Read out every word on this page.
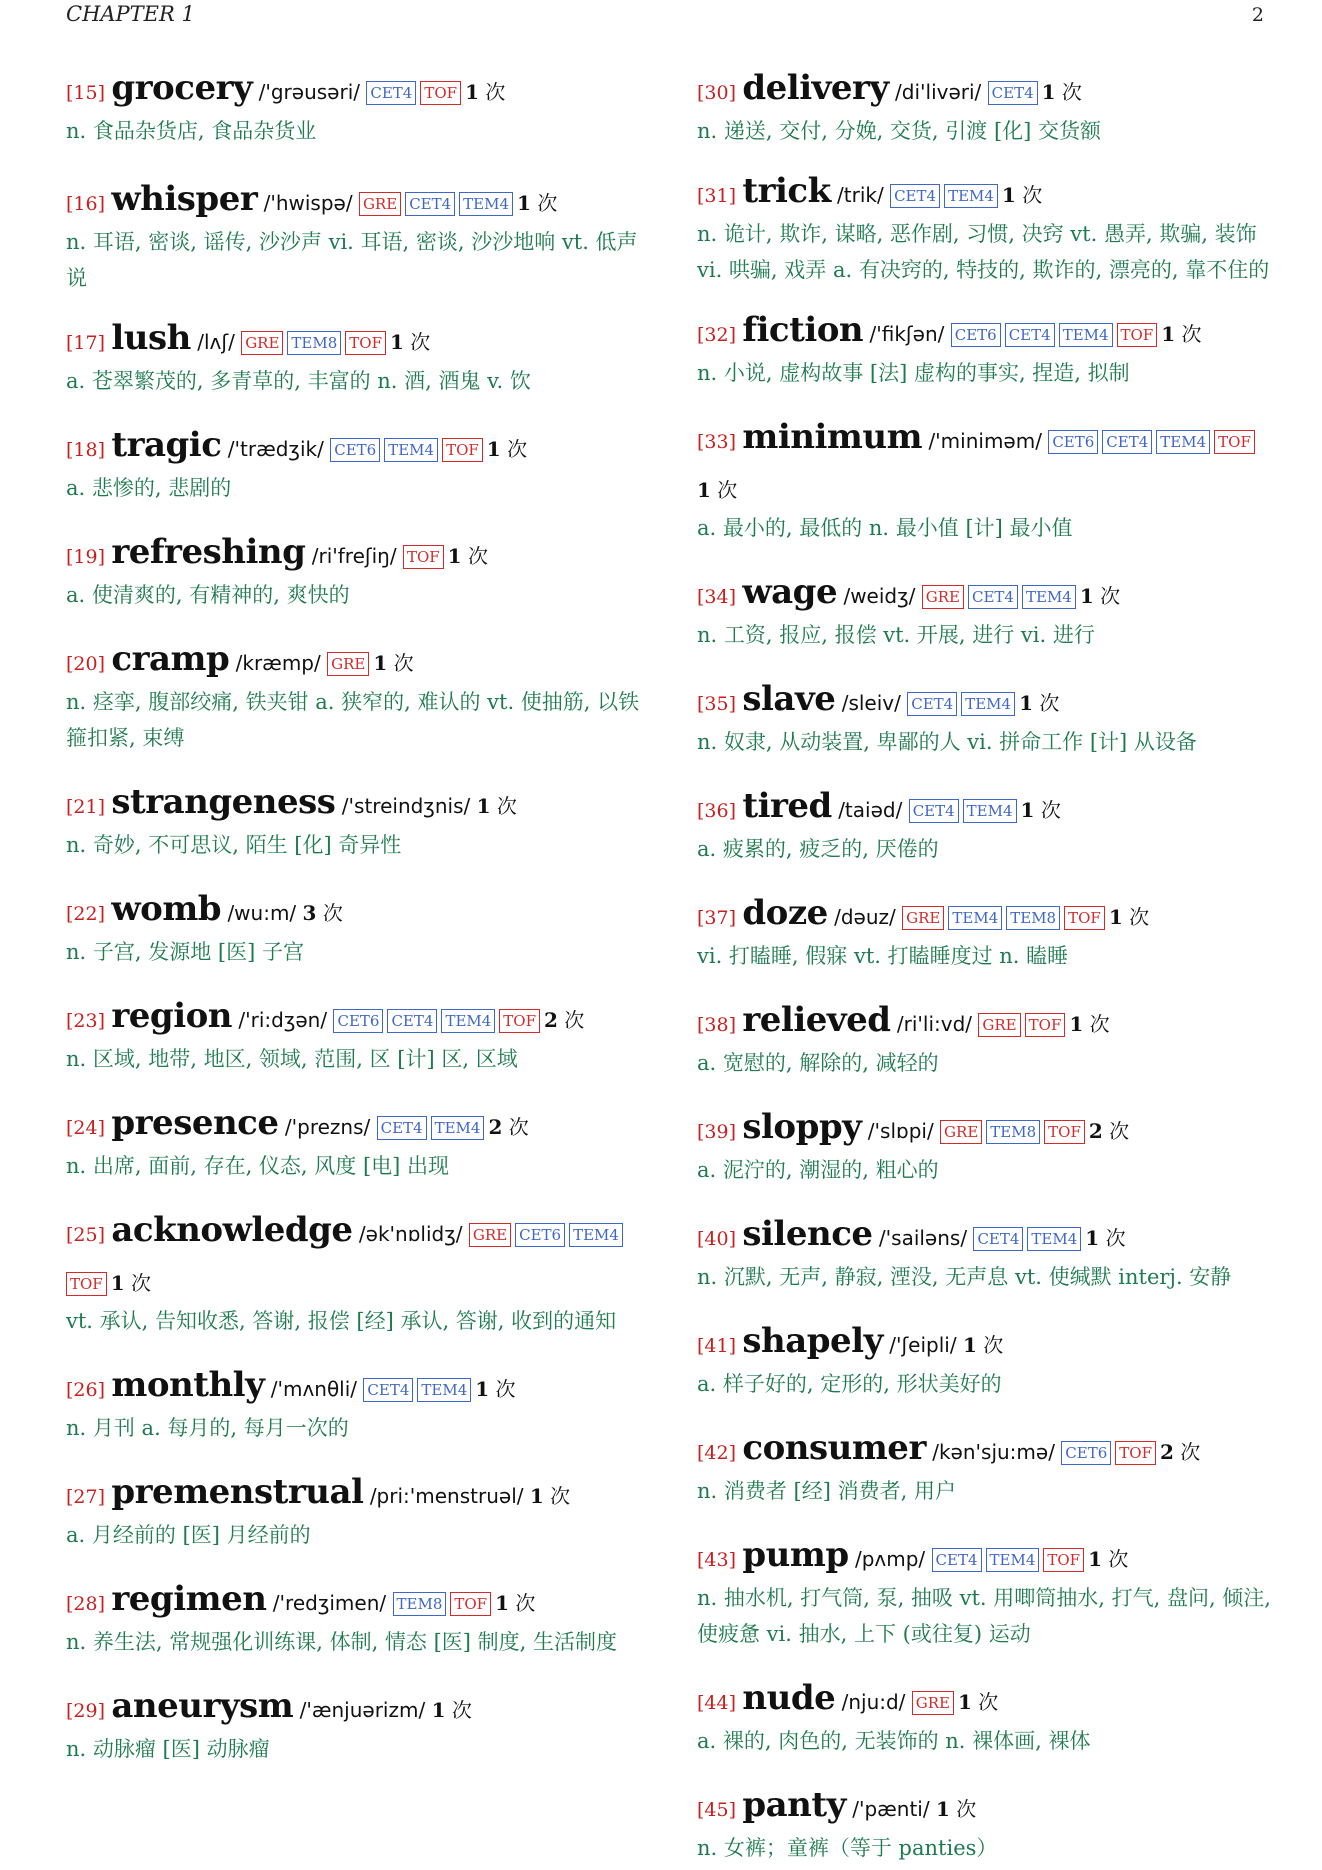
CHAPTER 1	2
[15] grocery /'grəusəri/ CET4 TOF 1 次
n. 食品杂货店, 食品杂货业
[16] whisper /'hwispə/ GRE CET4 TEM4 1 次
n. 耳语, 密谈, 谣传, 沙沙声 vi. 耳语, 密谈, 沙沙地响 vt. 低声说
[17] lush /lʌʃ/ GRE TEM8 TOF 1 次
a. 苍翠繁茂的, 多青草的, 丰富的 n. 酒, 酒鬼 v. 饮
[18] tragic /'trædʒik/ CET6 TEM4 TOF 1 次
a. 悲惨的, 悲剧的
[19] refreshing /ri'freʃiŋ/ TOF 1 次
a. 使清爽的, 有精神的, 爽快的
[20] cramp /kræmp/ GRE 1 次
n. 痉挛, 腹部绞痛, 铁夹钳 a. 狭窄的, 难认的 vt. 使抽筋, 以铁箍扣紧, 束缚
[21] strangeness /'streindʒnis/ 1 次
n. 奇妙, 不可思议, 陌生 [化] 奇异性
[22] womb /wu:m/ 3 次
n. 子宫, 发源地 [医] 子宫
[23] region /'ri:dʒən/ CET6 CET4 TEM4 TOF 2 次
n. 区域, 地带, 地区, 领域, 范围, 区 [计] 区, 区域
[24] presence /'prezns/ CET4 TEM4 2 次
n. 出席, 面前, 存在, 仪态, 风度 [电] 出现
[25] acknowledge /ək'nɒlidʒ/ GRE CET6 TEM4TOF 1 次
vt. 承认, 告知收悉, 答谢, 报偿 [经] 承认, 答谢, 收到的通知
[26] monthly /'mʌnθli/ CET4 TEM4 1 次
n. 月刊 a. 每月的, 每月一次的
[27] premenstrual /pri:'menstruəl/ 1 次
a. 月经前的 [医] 月经前的
[28] regimen /'redʒimen/ TEM8 TOF 1 次
n. 养生法, 常规强化训练课, 体制, 情态 [医] 制度, 生活制度
[29] aneurysm /'ænjuərizm/ 1 次
n. 动脉瘤 [医] 动脉瘤
[30] delivery /di'livəri/ CET4 1 次
n. 递送, 交付, 分娩, 交货, 引渡 [化] 交货额
[31] trick /trik/ CET4 TEM4 1 次
n. 诡计, 欺诈, 谋略, 恶作剧, 习惯, 决窍 vt. 愚弄, 欺骗, 装饰 vi. 哄骗, 戏弄 a. 有决窍的, 特技的, 欺诈的, 漂亮的, 靠不住的
[32] fiction /'fikʃən/ CET6 CET4 TEM4 TOF 1 次
n. 小说, 虚构故事 [法] 虚构的事实, 捏造, 拟制
[33] minimum /'miniməm/ CET6 CET4 TEM4 TOF1 次
a. 最小的, 最低的 n. 最小值 [计] 最小值
[34] wage /weidʒ/ GRE CET4 TEM4 1 次
n. 工资, 报应, 报偿 vt. 开展, 进行 vi. 进行
[35] slave /sleiv/ CET4 TEM4 1 次
n. 奴隶, 从动装置, 卑鄙的人 vi. 拼命工作 [计] 从设备
[36] tired /taiəd/ CET4 TEM4 1 次
a. 疲累的, 疲乏的, 厌倦的
[37] doze /dəuz/ GRE TEM4 TEM8 TOF 1 次
vi. 打瞌睡, 假寐 vt. 打瞌睡度过 n. 瞌睡
[38] relieved /ri'li:vd/ GRE TOF 1 次
a. 宽慰的, 解除的, 减轻的
[39] sloppy /'slɒpi/ GRE TEM8 TOF 2 次
a. 泥泞的, 潮湿的, 粗心的
[40] silence /'sailəns/ CET4 TEM4 1 次
n. 沉默, 无声, 静寂, 湮没, 无声息 vt. 使缄默 interj. 安静
[41] shapely /'ʃeipli/ 1 次
a. 样子好的, 定形的, 形状美好的
[42] consumer /kən'sju:mə/ CET6 TOF 2 次
n. 消费者 [经] 消费者, 用户
[43] pump /pʌmp/ CET4 TEM4 TOF 1 次
n. 抽水机, 打气筒, 泵, 抽吸 vt. 用唧筒抽水, 打气, 盘问, 倾注, 使疲惫 vi. 抽水, 上下 (或往复) 运动
[44] nude /nju:d/ GRE 1 次
a. 裸的, 肉色的, 无装饰的 n. 裸体画, 裸体
[45] panty /'pænti/ 1 次
n. 女裤；童裤（等于 panties）
